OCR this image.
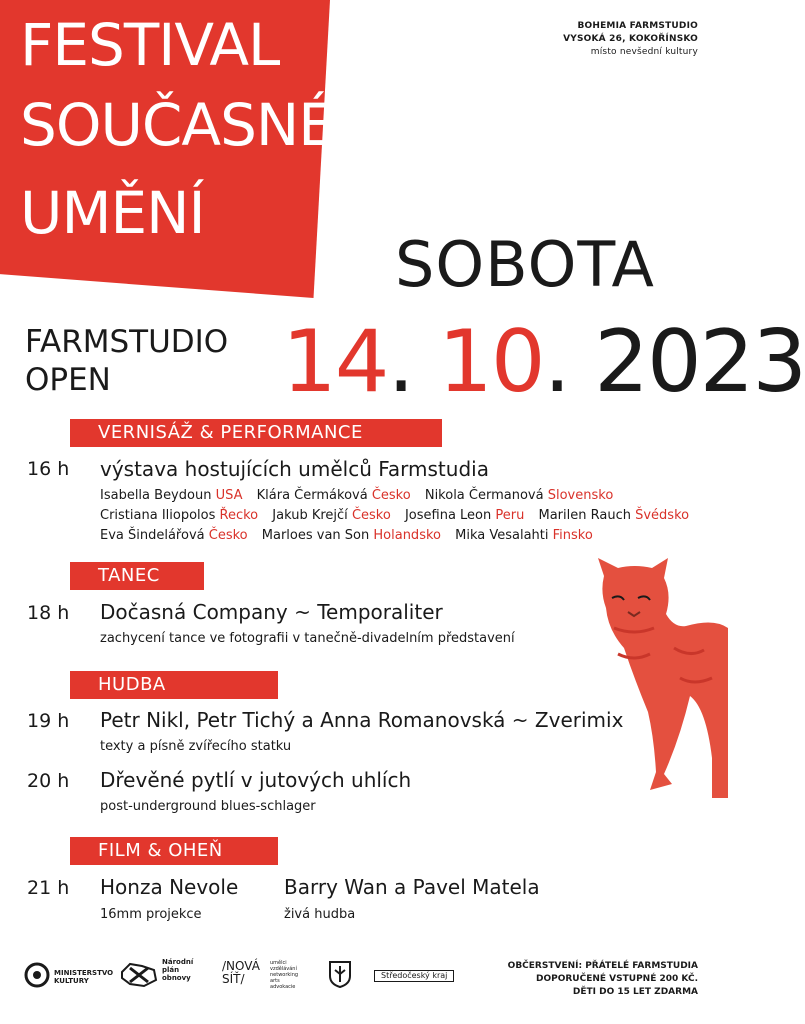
FESTIVAL
SOUČASNÉHO
UMĚNÍ
BOHEMIA FARMSTUDIO
VYSOKÁ 26, KOKOŘÍNSKO
místo nevšední kultury
SOBOTA
FARMSTUDIO
OPEN	14. 10. 2023
VERNISÁŽ & PERFORMANCE
16 h výstava hostujících umělců Farmstudia
Isabella Beydoun USA Klára Čermáková Česko Nikola Čermanová Slovensko
Cristiana Iliopolos Řecko Jakub Krejčí Česko Josefina Leon Peru Marilen Rauch Švédsko
Eva Šindelářová Česko Marloes van Son Holandsko Mika Vesalahti Finsko
TANEC
18 h Dočasná Company ~ Temporaliter
zachycení tance ve fotografii v tanečně-divadelním představení
HUDBA
19 h Petr Nikl, Petr Tichý a Anna Romanovská ~ Zverimix
texty a písně zvířecího statku
20 h Dřevěné pytlí v jutových uhlích
post-underground blues-schlager
FILM & OHEŇ
21 h Honza Nevole
16mm projekce
Barry Wan a Pavel Matela
živá hudba
MINISTERSTVO
KULTURY
Národní
plán
obnovy
/NOVÁ
SÍŤ/
umělci
vzdělávání
networking
arts advokacie
Středočeský kraj
OBČERSTVENÍ: PŘÁTELÉ FARMSTUDIA
DOPORUČENÉ VSTUPNÉ 200 KČ.
DĚTI DO 15 LET ZDARMA
